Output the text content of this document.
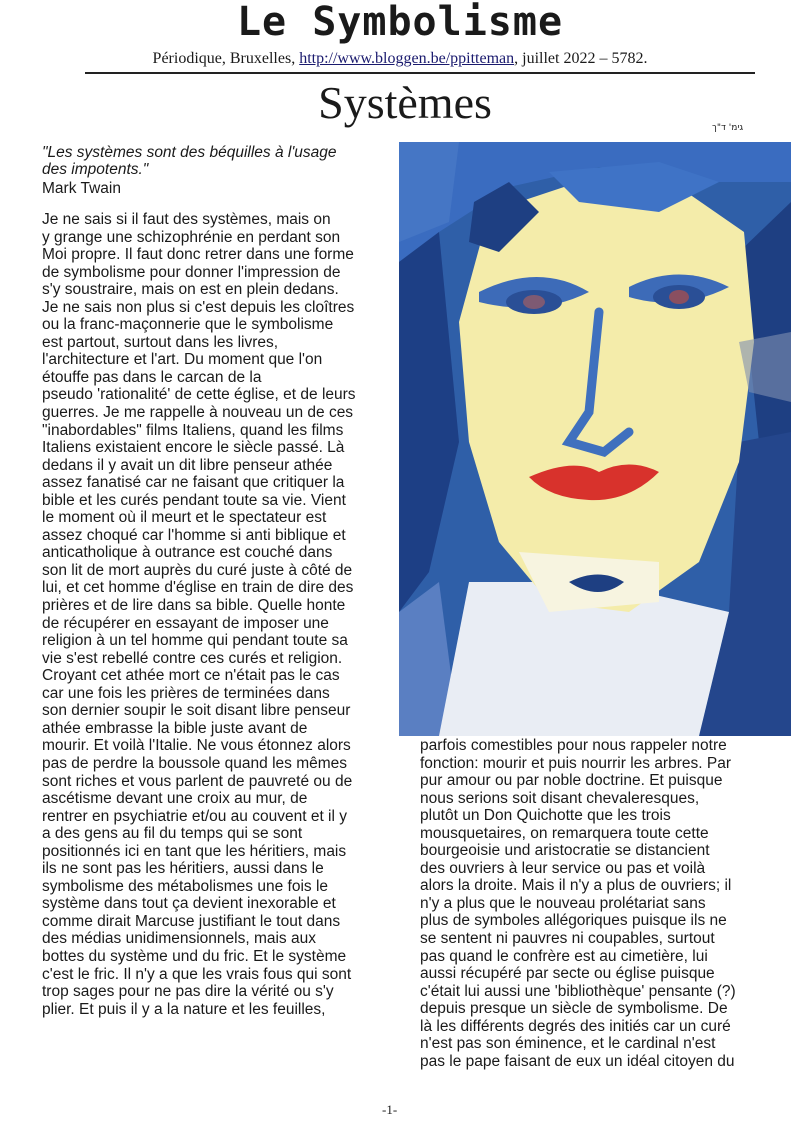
Le Symbolisme
Périodique, Bruxelles, http://www.bloggen.be/ppitteman, juillet 2022 – 5782.
Systèmes	גימ' ד"ך
"Les systèmes sont des béquilles à l'usage
des impotents."
Mark Twain
Je ne sais si il faut des systèmes, mais on
y grange une schizophrénie en perdant son
Moi propre. Il faut donc retrer dans une forme
de symbolisme pour donner l'impression de
s'y soustraire, mais on est en plein dedans.
Je ne sais non plus si c'est depuis les cloîtres
ou la franc-maçonnerie que le symbolisme
est partout, surtout dans les livres,
l'architecture et l'art. Du moment que l'on
étouffe pas dans le carcan de la
pseudo 'rationalité' de cette église, et de leurs
guerres. Je me rappelle à nouveau un de ces
"inabordables" films Italiens, quand les films
Italiens existaient encore le siècle passé. Là
dedans il y avait un dit libre penseur athée
assez fanatisé car ne faisant que critiquer la
bible et les curés pendant toute sa vie. Vient
le moment où il meurt et le spectateur est
assez choqué car l'homme si anti biblique et
anticatholique à outrance est couché dans
son lit de mort auprès du curé juste à côté de
lui, et cet homme d'église en train de dire des
prières et de lire dans sa bible. Quelle honte
de récupérer en essayant de imposer une
religion à un tel homme qui pendant toute sa
vie s'est rebellé contre ces curés et religion.
Croyant cet athée mort ce n'était pas le cas
car une fois les prières de terminées dans
son dernier soupir le soit disant libre penseur
athée embrasse la bible juste avant de
mourir. Et voilà l'Italie. Ne vous étonnez alors
pas de perdre la boussole quand les mêmes
sont riches et vous parlent de pauvreté ou de
ascétisme devant une croix au mur, de
rentrer en psychiatrie et/ou au couvent et il y
a des gens au fil du temps qui se sont
positionnés ici en tant que les héritiers, mais
ils ne sont pas les héritiers, aussi dans le
symbolisme des métabolismes une fois le
système dans tout ça devient inexorable et
comme dirait Marcuse justifiant le tout dans
des médias unidimensionnels, mais aux
bottes du système und du fric. Et le système
c'est le fric. Il n'y a que les vrais fous qui sont
trop sages pour ne pas dire la vérité ou s'y
plier. Et puis il y a la nature et les feuilles,
parfois comestibles pour nous rappeler notre
fonction: mourir et puis nourrir les arbres. Par
pur amour ou par noble doctrine. Et puisque
nous serions soit disant chevaleresques,
plutôt un Don Quichotte que les trois
mousquetaires, on remarquera toute cette
bourgeoisie und aristocratie se distancient
des ouvriers à leur service ou pas et voilà
alors la droite. Mais il n'y a plus de ouvriers; il
n'y a plus que le nouveau prolétariat sans
plus de symboles allégoriques puisque ils ne
se sentent ni pauvres ni coupables, surtout
pas quand le confrère est au cimetière, lui
aussi récupéré par secte ou église puisque
c'était lui aussi une 'bibliothèque' pensante (?)
depuis presque un siècle de symbolisme. De
là les différents degrés des initiés car un curé
n'est pas son éminence, et le cardinal n'est
pas le pape faisant de eux un idéal citoyen du
-1-
